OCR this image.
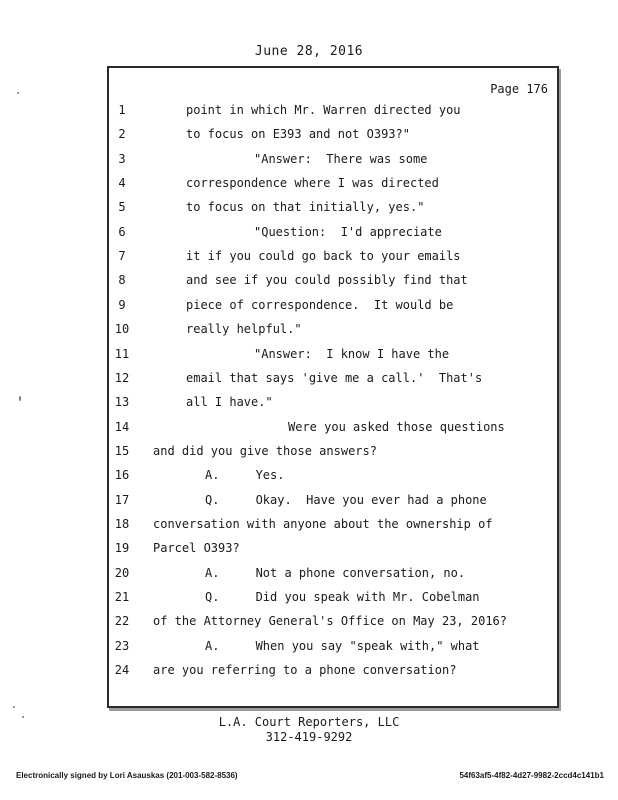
June 28, 2016
Page 176
1	point in which Mr. Warren directed you
2	to focus on E393 and not O393?"
3	"Answer:  There was some
4	correspondence where I was directed
5	to focus on that initially, yes."
6	"Question:  I'd appreciate
7	it if you could go back to your emails
8	and see if you could possibly find that
9	piece of correspondence.  It would be
10	really helpful."
11	"Answer:  I know I have the
12	email that says 'give me a call.'  That's
13	all I have."
14	Were you asked those questions
15	and did you give those answers?
16	A.     Yes.
17	Q.     Okay.  Have you ever had a phone
18	conversation with anyone about the ownership of
19	Parcel O393?
20	A.     Not a phone conversation, no.
21	Q.     Did you speak with Mr. Cobelman
22	of the Attorney General's Office on May 23, 2016?
23	A.     When you say "speak with," what
24	are you referring to a phone conversation?
L.A. Court Reporters, LLC
312-419-9292
Electronically signed by Lori Asauskas (201-003-582-8536)	54f63af5-4f82-4d27-9982-2ccd4c141b1
